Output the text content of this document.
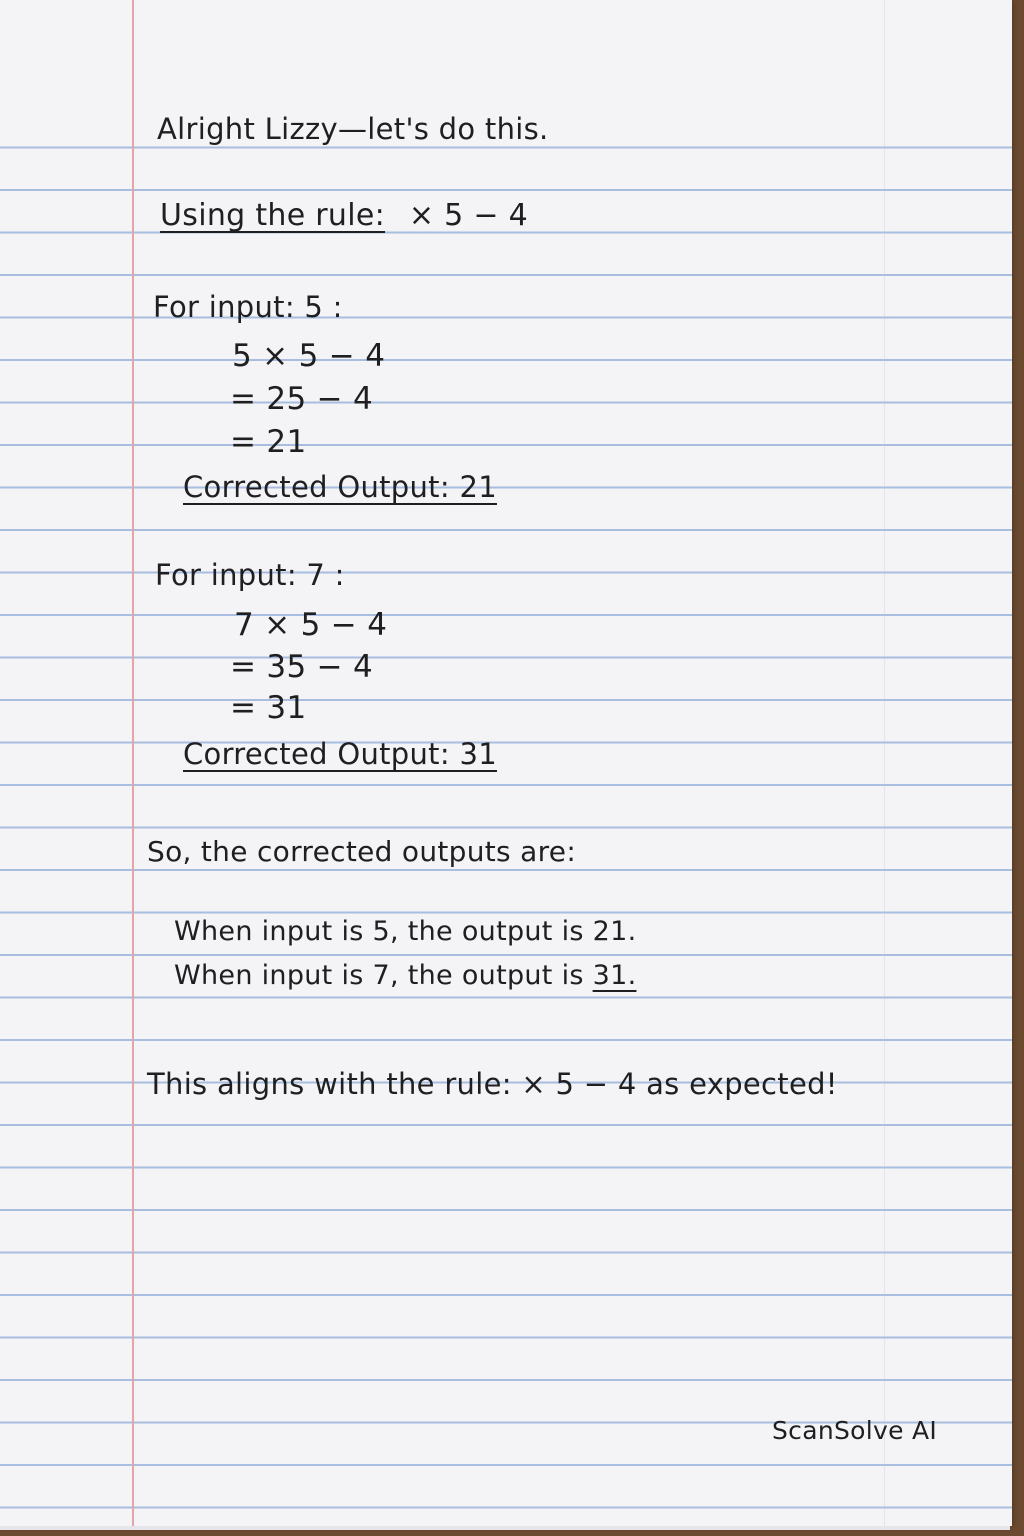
Alright Lizzy—let's do this.
Using the rule: × 5 − 4
For input: 5 :
5 × 5 − 4
= 25 − 4
= 21
Corrected Output: 21
For input: 7 :
7 × 5 − 4
= 35 − 4
= 31
Corrected Output: 31
So, the corrected outputs are:
When input is 5, the output is 21.
When input is 7, the output is 31.
This aligns with the rule: × 5 − 4 as expected!
ScanSolve AI
